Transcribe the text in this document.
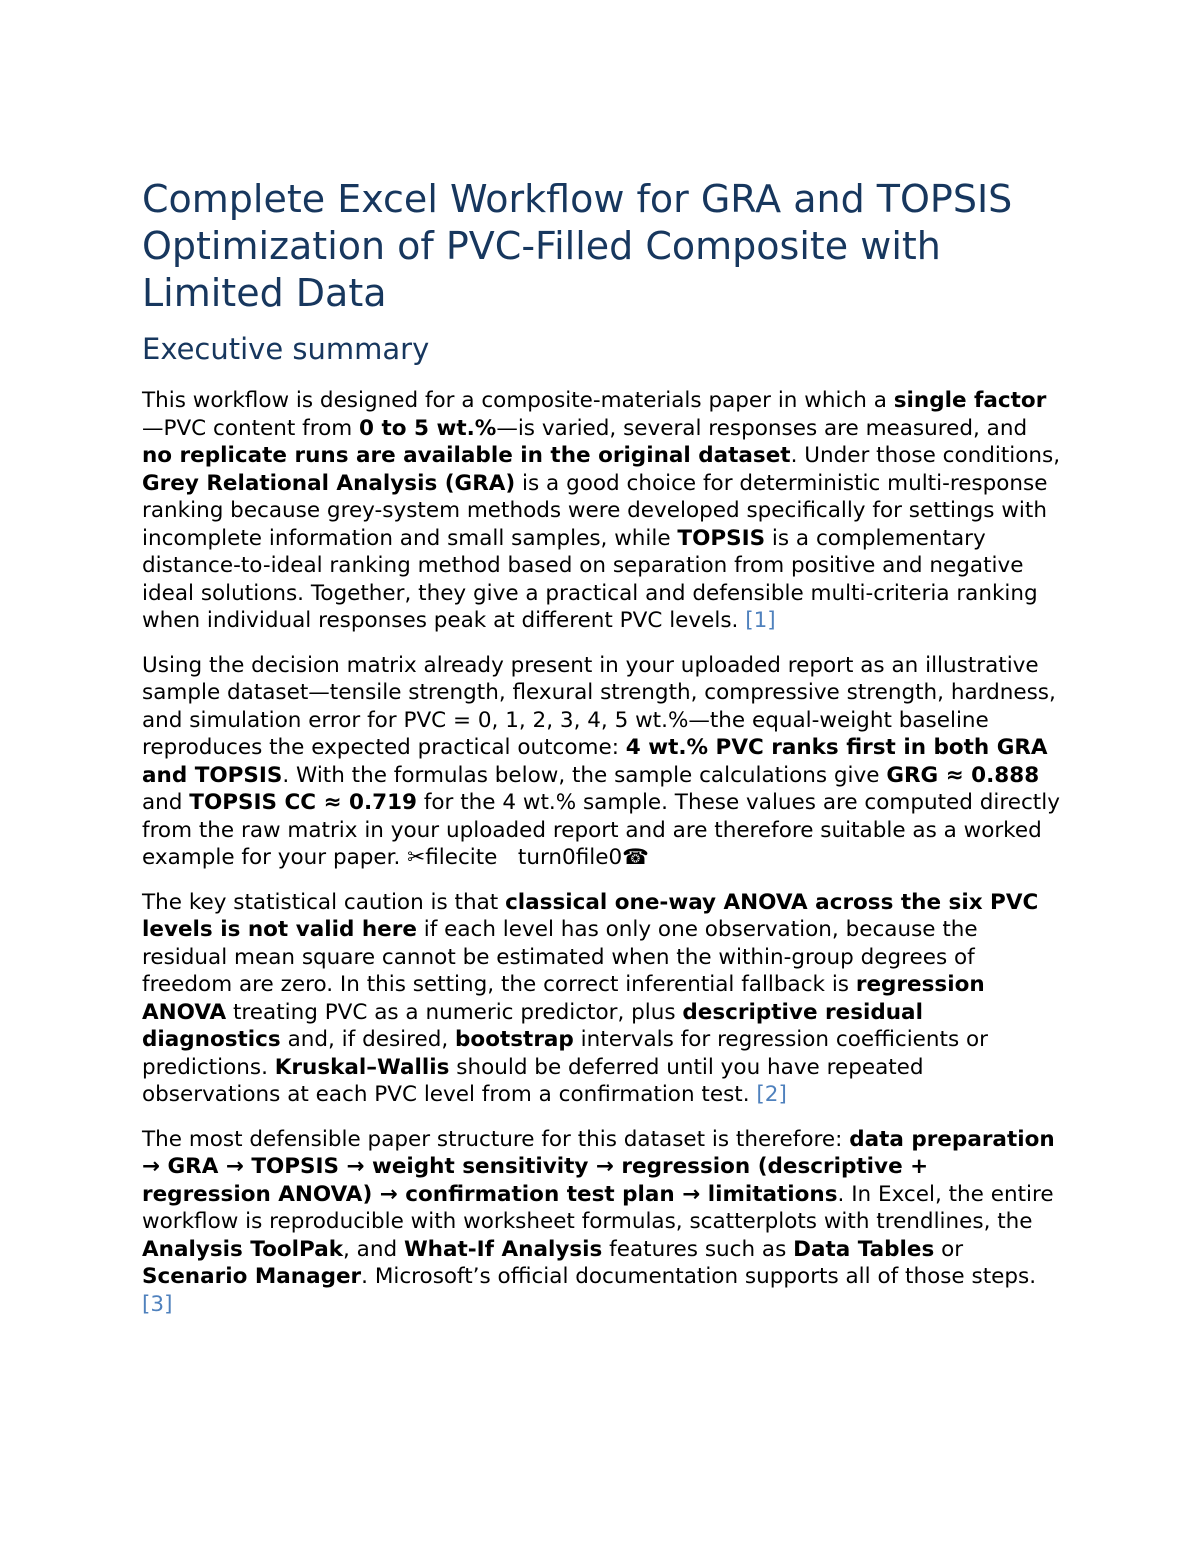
Complete Excel Workflow for GRA and TOPSIS Optimization of PVC-Filled Composite with Limited Data
Executive summary

This workflow is designed for a composite-materials paper in which a single factor—PVC content from 0 to 5 wt.%—is varied, several responses are measured, and no replicate runs are available in the original dataset. Under those conditions, Grey Relational Analysis (GRA) is a good choice for deterministic multi-response ranking because grey-system methods were developed specifically for settings with incomplete information and small samples, while TOPSIS is a complementary distance-to-ideal ranking method based on separation from positive and negative ideal solutions. Together, they give a practical and defensible multi-criteria ranking when individual responses peak at different PVC levels. [1]

Using the decision matrix already present in your uploaded report as an illustrative sample dataset—tensile strength, flexural strength, compressive strength, hardness, and simulation error for PVC = 0, 1, 2, 3, 4, 5 wt.%—the equal-weight baseline reproduces the expected practical outcome: 4 wt.% PVC ranks first in both GRA and TOPSIS. With the formulas below, the sample calculations give GRG ≈ 0.888 and TOPSIS CC ≈ 0.719 for the 4 wt.% sample. These values are computed directly from the raw matrix in your uploaded report and are therefore suitable as a worked example for your paper. ✂filecite   turn0file0☎

The key statistical caution is that classical one-way ANOVA across the six PVC levels is not valid here if each level has only one observation, because the residual mean square cannot be estimated when the within-group degrees of freedom are zero. In this setting, the correct inferential fallback is regression ANOVA treating PVC as a numeric predictor, plus descriptive residual diagnostics and, if desired, bootstrap intervals for regression coefficients or predictions. Kruskal–Wallis should be deferred until you have repeated observations at each PVC level from a confirmation test. [2]

The most defensible paper structure for this dataset is therefore: data preparation → GRA → TOPSIS → weight sensitivity → regression (descriptive + regression ANOVA) → confirmation test plan → limitations. In Excel, the entire workflow is reproducible with worksheet formulas, scatterplots with trendlines, the Analysis ToolPak, and What-If Analysis features such as Data Tables or Scenario Manager. Microsoft’s official documentation supports all of those steps. [3]
